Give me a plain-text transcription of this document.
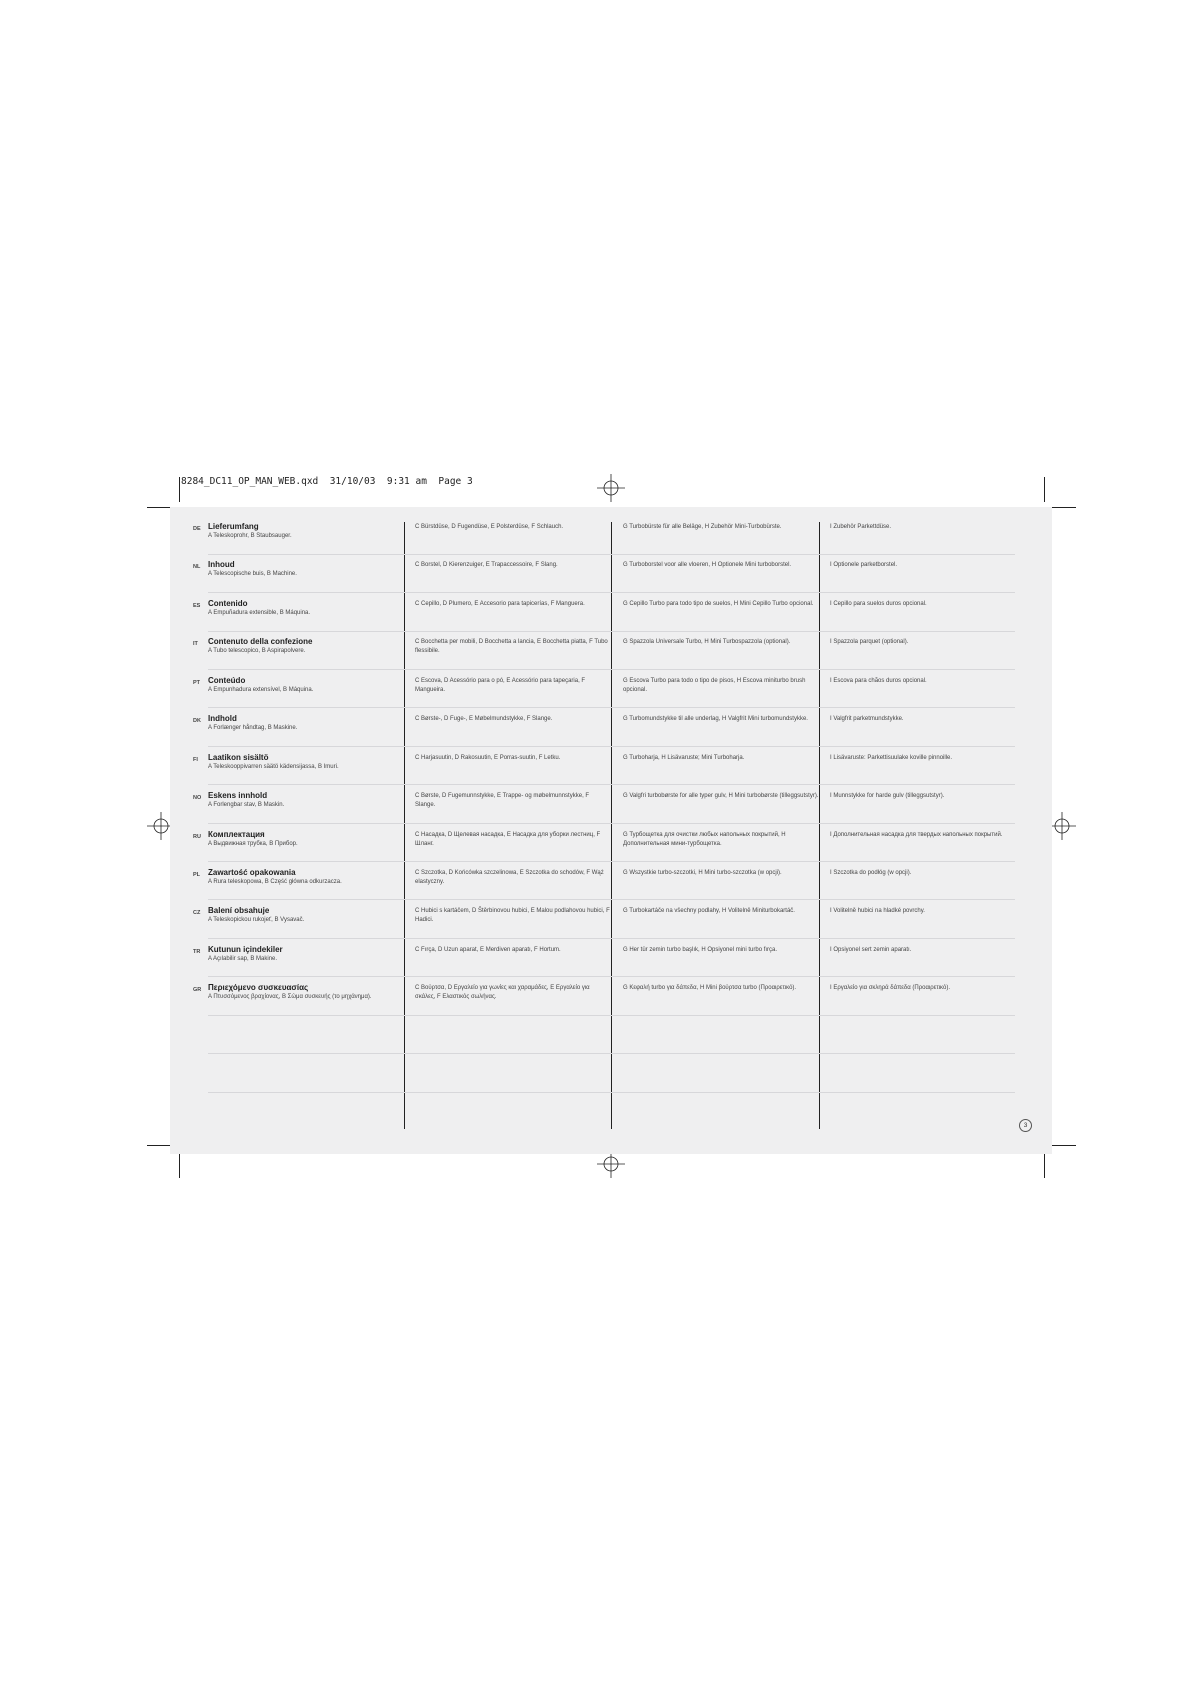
8284_DC11_OP_MAN_WEB.qxd  31/10/03  9:31 am  Page 3
DE Lieferumfang
A Teleskoprohr, B Staubsauger.
C Bürstdüse, D Fugendüse, E Polsterdüse, F Schlauch.	G Turbobürste für alle Beläge, H Zubehör Mini-Turbobürste.	I Zubehör Parkettdüse.
NL Inhoud
A Telescopische buis, B Machine.
C Borstel, D Kierenzuiger, E Trapaccessoire, F Slang.	G Turboborstel voor alle vloeren, H Optionele Mini turboborstel.	I Optionele parketborstel.
ES Contenido
A Empuñadura extensible, B Máquina.
C Cepillo, D Plumero, E Accesorio para tapicerías, F Manguera.	G Cepillo Turbo para todo tipo de suelos, H Mini Cepillo Turbo opcional.	I Cepillo para suelos duros opcional.
IT Contenuto della confezione
A Tubo telescopico, B Aspirapolvere.
C Bocchetta per mobili, D Bocchetta a lancia, E Bocchetta piatta, F Tubo flessibile.
G Spazzola Universale Turbo, H Mini Turbospazzola (optional).	I Spazzola parquet (optional).
PT Conteúdo
A Empunhadura extensível, B Máquina.
C Escova, D Acessório para o pó, E Acessório para tapeçaria, F Mangueira.
G Escova Turbo para todo o tipo de pisos, H Escova miniturbo brush opcional.
I Escova para chãos duros opcional.
DK Indhold
A Forlænger håndtag, B Maskine.
C Børste-, D Fuge-, E Møbelmundstykke, F Slange.	G Turbomundstykke til alle underlag, H Valgfrit Mini turbomundstykke.	I Valgfrit parketmundstykke.
FI Laatikon sisältö
A Teleskooppivarren säätö kädensijassa, B Imuri.
C Harjasuutin, D Rakosuutin, E Porras-suutin, F Letku.	G Turboharja, H Lisävaruste; Mini Turboharja.	I Lisävaruste: Parkettisuulake koville pinnoille.
NO Eskens innhold
A Forlengbar stav, B Maskin.
C Børste, D Fugemunnstykke, E Trappe- og møbelmunnstykke, F Slange.
G Valgfri turbobørste for alle typer gulv, H Mini turbobørste (tilleggsutstyr). I Munnstykke for harde gulv (tilleggsutstyr).
RU Комплектация
A Выдвижная трубка, B Прибор.
C Насадка, D Щелевая насадка, E Насадка для уборки лестниц, F Шланг.
G Турбощетка для очистки любых напольных покрытий, H Дополнительная мини-турбощетка.
I Дополнительная насадка для твердых напольных покрытий.
PL Zawartość opakowania
A Rura teleskopowa, B Część główna odkurzacza.
C Szczotka, D Końcówka szczelinowa, E Szczotka do schodów, F Wąż elastyczny.
G Wszystkie turbo-szczotki, H Mini turbo-szczotka (w opcji).	I Szczotka do podłóg (w opcji).
CZ Balení obsahuje
A Teleskopickou rukojeť, B Vysavač.
C Hubici s kartáčem, D Štěrbinovou hubici, E Malou podlahovou hubici, F Hadici.
G Turbokartáče na všechny podlahy, H Volitelně Miniturbokartáč.	I Volitelně hubici na hladké povrchy.
TR Kutunun içindekiler
A Açılabilir sap, B Makine.
C Fırça, D Uzun aparat, E Merdiven aparatı, F Hortum.	G Her tür zemin turbo başlık, H Opsiyonel mini turbo fırça.	I Opsiyonel sert zemin aparatı.
GR Περιεχόμενο συσκευασίας
A Πτυσσόμενος βραχίονας, B Σώμα συσκευής (το μηχάνημα).
C Βούρτσα, D Εργαλείο για γωνίες και χαραμάδες, E Εργαλείο για σκάλες, F Ελαστικός σωλήνας.
G Κεφαλή turbo για δάπεδα, H Mini βούρτσα turbo (Προαιρετικό).	I Εργαλείο για σκληρά δάπεδα (Προαιρετικό).
3
